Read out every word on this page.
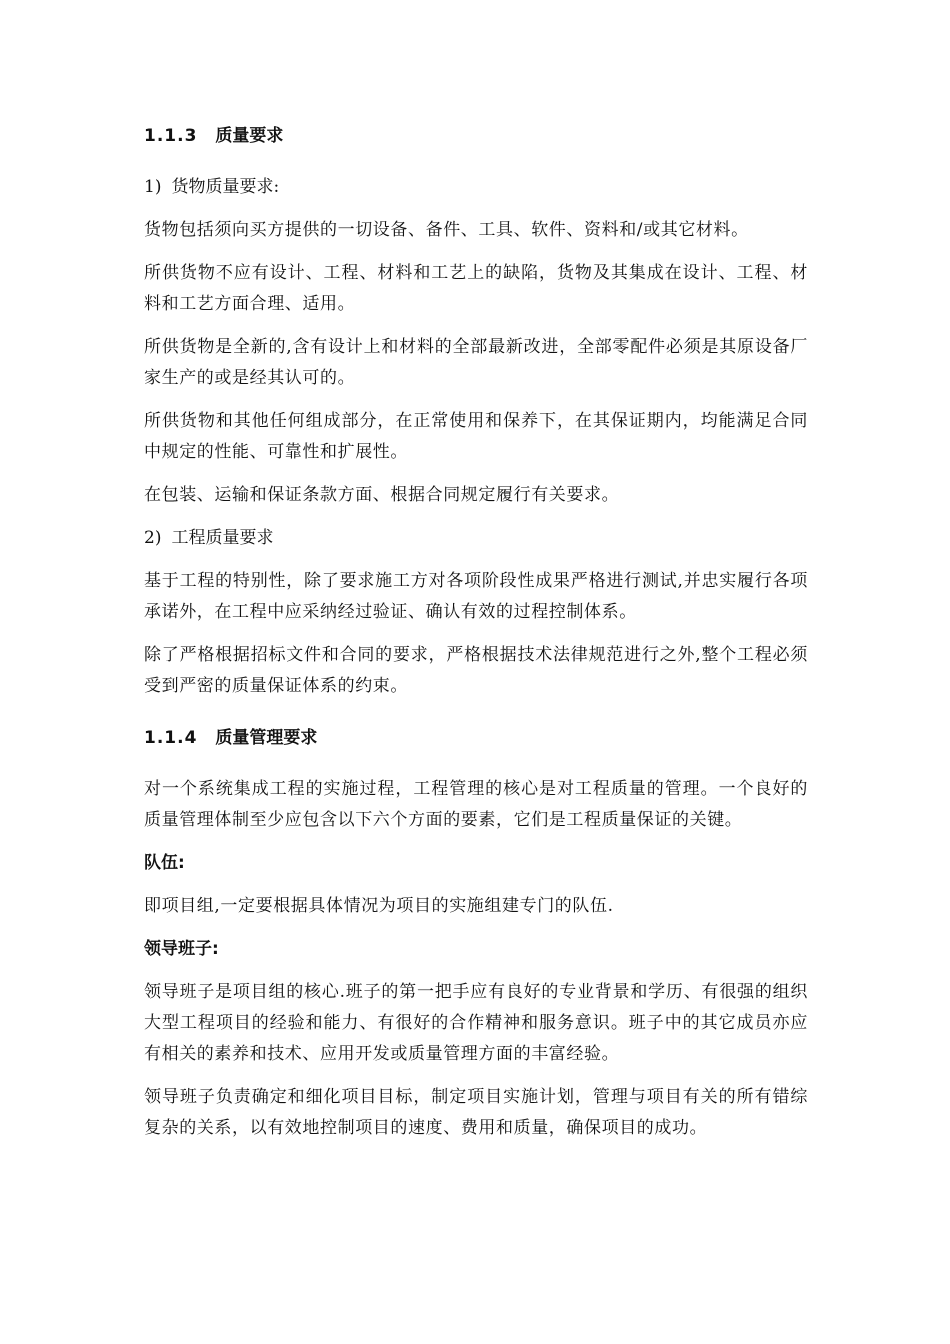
1.1.3 质量要求

1) 货物质量要求:

货物包括须向买方提供的一切设备、备件、工具、软件、资料和/或其它材料。

所供货物不应有设计、工程、材料和工艺上的缺陷，货物及其集成在设计、工程、材料和工艺方面合理、适用。

所供货物是全新的,含有设计上和材料的全部最新改进，全部零配件必须是其原设备厂家生产的或是经其认可的。

所供货物和其他任何组成部分，在正常使用和保养下，在其保证期内，均能满足合同中规定的性能、可靠性和扩展性。

在包装、运输和保证条款方面、根据合同规定履行有关要求。

2) 工程质量要求

基于工程的特别性，除了要求施工方对各项阶段性成果严格进行测试,并忠实履行各项承诺外，在工程中应采纳经过验证、确认有效的过程控制体系。

除了严格根据招标文件和合同的要求，严格根据技术法律规范进行之外,整个工程必须受到严密的质量保证体系的约束。

1.1.4 质量管理要求

对一个系统集成工程的实施过程，工程管理的核心是对工程质量的管理。一个良好的质量管理体制至少应包含以下六个方面的要素，它们是工程质量保证的关键。

队伍:

即项目组,一定要根据具体情况为项目的实施组建专门的队伍.

领导班子:

领导班子是项目组的核心.班子的第一把手应有良好的专业背景和学历、有很强的组织大型工程项目的经验和能力、有很好的合作精神和服务意识。班子中的其它成员亦应有相关的素养和技术、应用开发或质量管理方面的丰富经验。

领导班子负责确定和细化项目目标，制定项目实施计划，管理与项目有关的所有错综复杂的关系，以有效地控制项目的速度、费用和质量，确保项目的成功。
